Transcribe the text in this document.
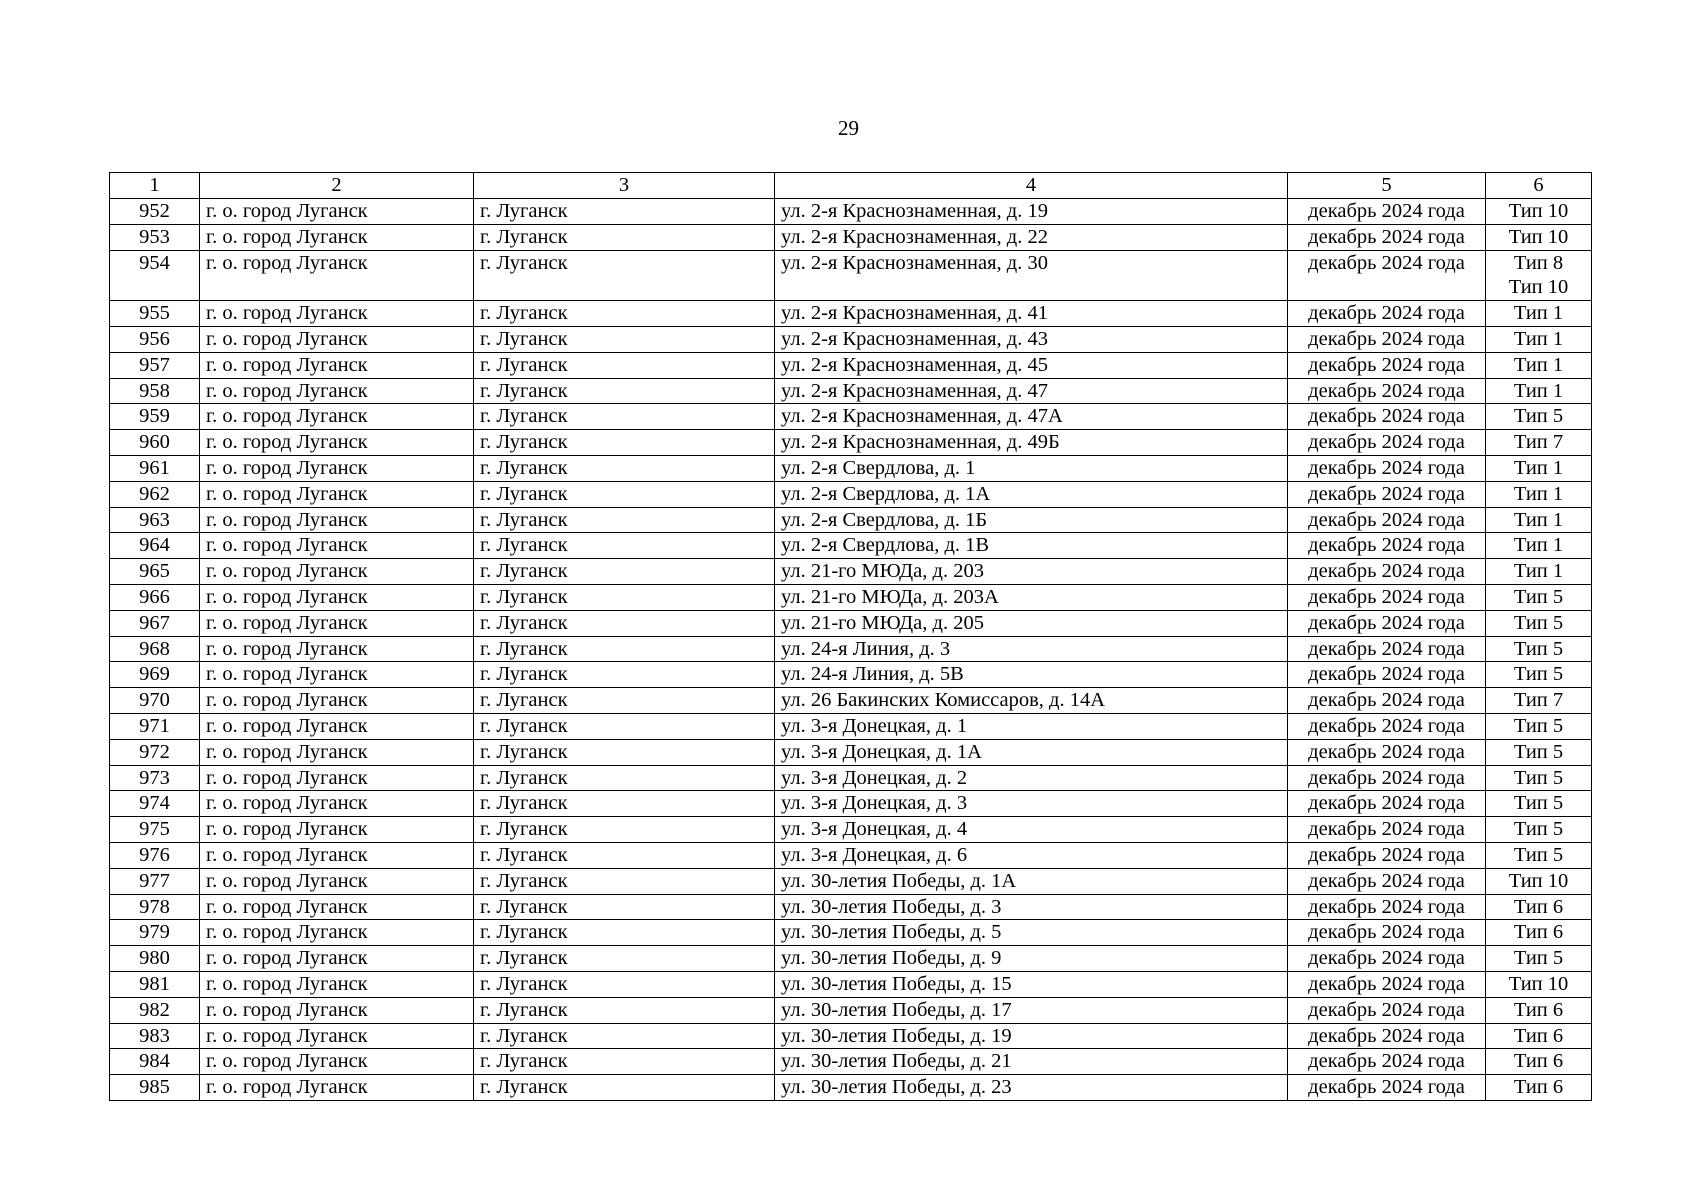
29
1	2	3	4	5	6
952	г. о. город Луганск	г. Луганск	ул. 2-я Краснознаменная, д. 19	декабрь 2024 года	Тип 10

953	г. о. город Луганск	г. Луганск	ул. 2-я Краснознаменная, д. 22	декабрь 2024 года	Тип 10

954	г. о. город Луганск	г. Луганск	ул. 2-я Краснознаменная, д. 30	декабрь 2024 года	Тип 8
Тип 10

955	г. о. город Луганск	г. Луганск	ул. 2-я Краснознаменная, д. 41	декабрь 2024 года	Тип 1

956	г. о. город Луганск	г. Луганск	ул. 2-я Краснознаменная, д. 43	декабрь 2024 года	Тип 1

957	г. о. город Луганск	г. Луганск	ул. 2-я Краснознаменная, д. 45	декабрь 2024 года	Тип 1

958	г. о. город Луганск	г. Луганск	ул. 2-я Краснознаменная, д. 47	декабрь 2024 года	Тип 1

959	г. о. город Луганск	г. Луганск	ул. 2-я Краснознаменная, д. 47А	декабрь 2024 года	Тип 5

960	г. о. город Луганск	г. Луганск	ул. 2-я Краснознаменная, д. 49Б	декабрь 2024 года	Тип 7

961	г. о. город Луганск	г. Луганск	ул. 2-я Свердлова, д. 1	декабрь 2024 года	Тип 1

962	г. о. город Луганск	г. Луганск	ул. 2-я Свердлова, д. 1А	декабрь 2024 года	Тип 1

963	г. о. город Луганск	г. Луганск	ул. 2-я Свердлова, д. 1Б	декабрь 2024 года	Тип 1

964	г. о. город Луганск	г. Луганск	ул. 2-я Свердлова, д. 1В	декабрь 2024 года	Тип 1

965	г. о. город Луганск	г. Луганск	ул. 21-го МЮДа, д. 203	декабрь 2024 года	Тип 1

966	г. о. город Луганск	г. Луганск	ул. 21-го МЮДа, д. 203А	декабрь 2024 года	Тип 5

967	г. о. город Луганск	г. Луганск	ул. 21-го МЮДа, д. 205	декабрь 2024 года	Тип 5

968	г. о. город Луганск	г. Луганск	ул. 24-я Линия, д. 3	декабрь 2024 года	Тип 5

969	г. о. город Луганск	г. Луганск	ул. 24-я Линия, д. 5В	декабрь 2024 года	Тип 5

970	г. о. город Луганск	г. Луганск	ул. 26 Бакинских Комиссаров, д. 14А	декабрь 2024 года	Тип 7

971	г. о. город Луганск	г. Луганск	ул. 3-я Донецкая, д. 1	декабрь 2024 года	Тип 5

972	г. о. город Луганск	г. Луганск	ул. 3-я Донецкая, д. 1А	декабрь 2024 года	Тип 5

973	г. о. город Луганск	г. Луганск	ул. 3-я Донецкая, д. 2	декабрь 2024 года	Тип 5

974	г. о. город Луганск	г. Луганск	ул. 3-я Донецкая, д. 3	декабрь 2024 года	Тип 5

975	г. о. город Луганск	г. Луганск	ул. 3-я Донецкая, д. 4	декабрь 2024 года	Тип 5

976	г. о. город Луганск	г. Луганск	ул. 3-я Донецкая, д. 6	декабрь 2024 года	Тип 5

977	г. о. город Луганск	г. Луганск	ул. 30-летия Победы, д. 1А	декабрь 2024 года	Тип 10

978	г. о. город Луганск	г. Луганск	ул. 30-летия Победы, д. 3	декабрь 2024 года	Тип 6

979	г. о. город Луганск	г. Луганск	ул. 30-летия Победы, д. 5	декабрь 2024 года	Тип 6

980	г. о. город Луганск	г. Луганск	ул. 30-летия Победы, д. 9	декабрь 2024 года	Тип 5

981	г. о. город Луганск	г. Луганск	ул. 30-летия Победы, д. 15	декабрь 2024 года	Тип 10

982	г. о. город Луганск	г. Луганск	ул. 30-летия Победы, д. 17	декабрь 2024 года	Тип 6

983	г. о. город Луганск	г. Луганск	ул. 30-летия Победы, д. 19	декабрь 2024 года	Тип 6

984	г. о. город Луганск	г. Луганск	ул. 30-летия Победы, д. 21	декабрь 2024 года	Тип 6

985	г. о. город Луганск	г. Луганск	ул. 30-летия Победы, д. 23	декабрь 2024 года	Тип 6
